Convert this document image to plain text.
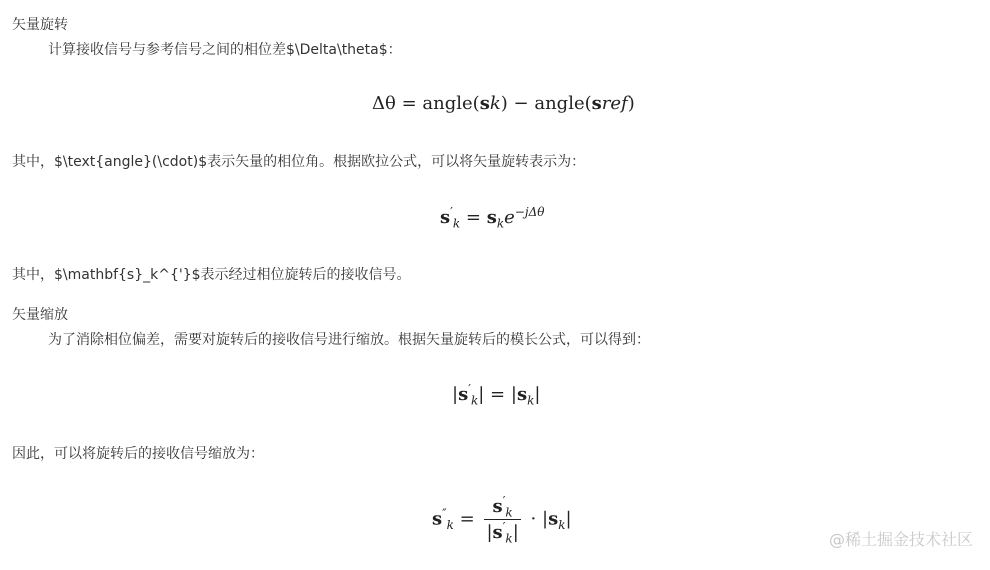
矢量旋转
计算接收信号与参考信号之间的相位差$\Delta\theta$：
Δθ = angle(sk) − angle(sref)
其中，$\text{angle}(\cdot)$表示矢量的相位角。根据欧拉公式，可以将矢量旋转表示为：
$s'_k = s_ke^{-j\Delta\theta}$
其中，$\mathbf{s}_k^{'}$表示经过相位旋转后的接收信号。
矢量缩放
为了消除相位偏差，需要对旋转后的接收信号进行缩放。根据矢量旋转后的模长公式，可以得到：
$|s'_k| = |s_k|$
因此，可以将旋转后的接收信号缩放为：
$s''_k = \frac{s'_k}{|s'_k|} \cdot |s_k|$
@稀土掘金技术社区
